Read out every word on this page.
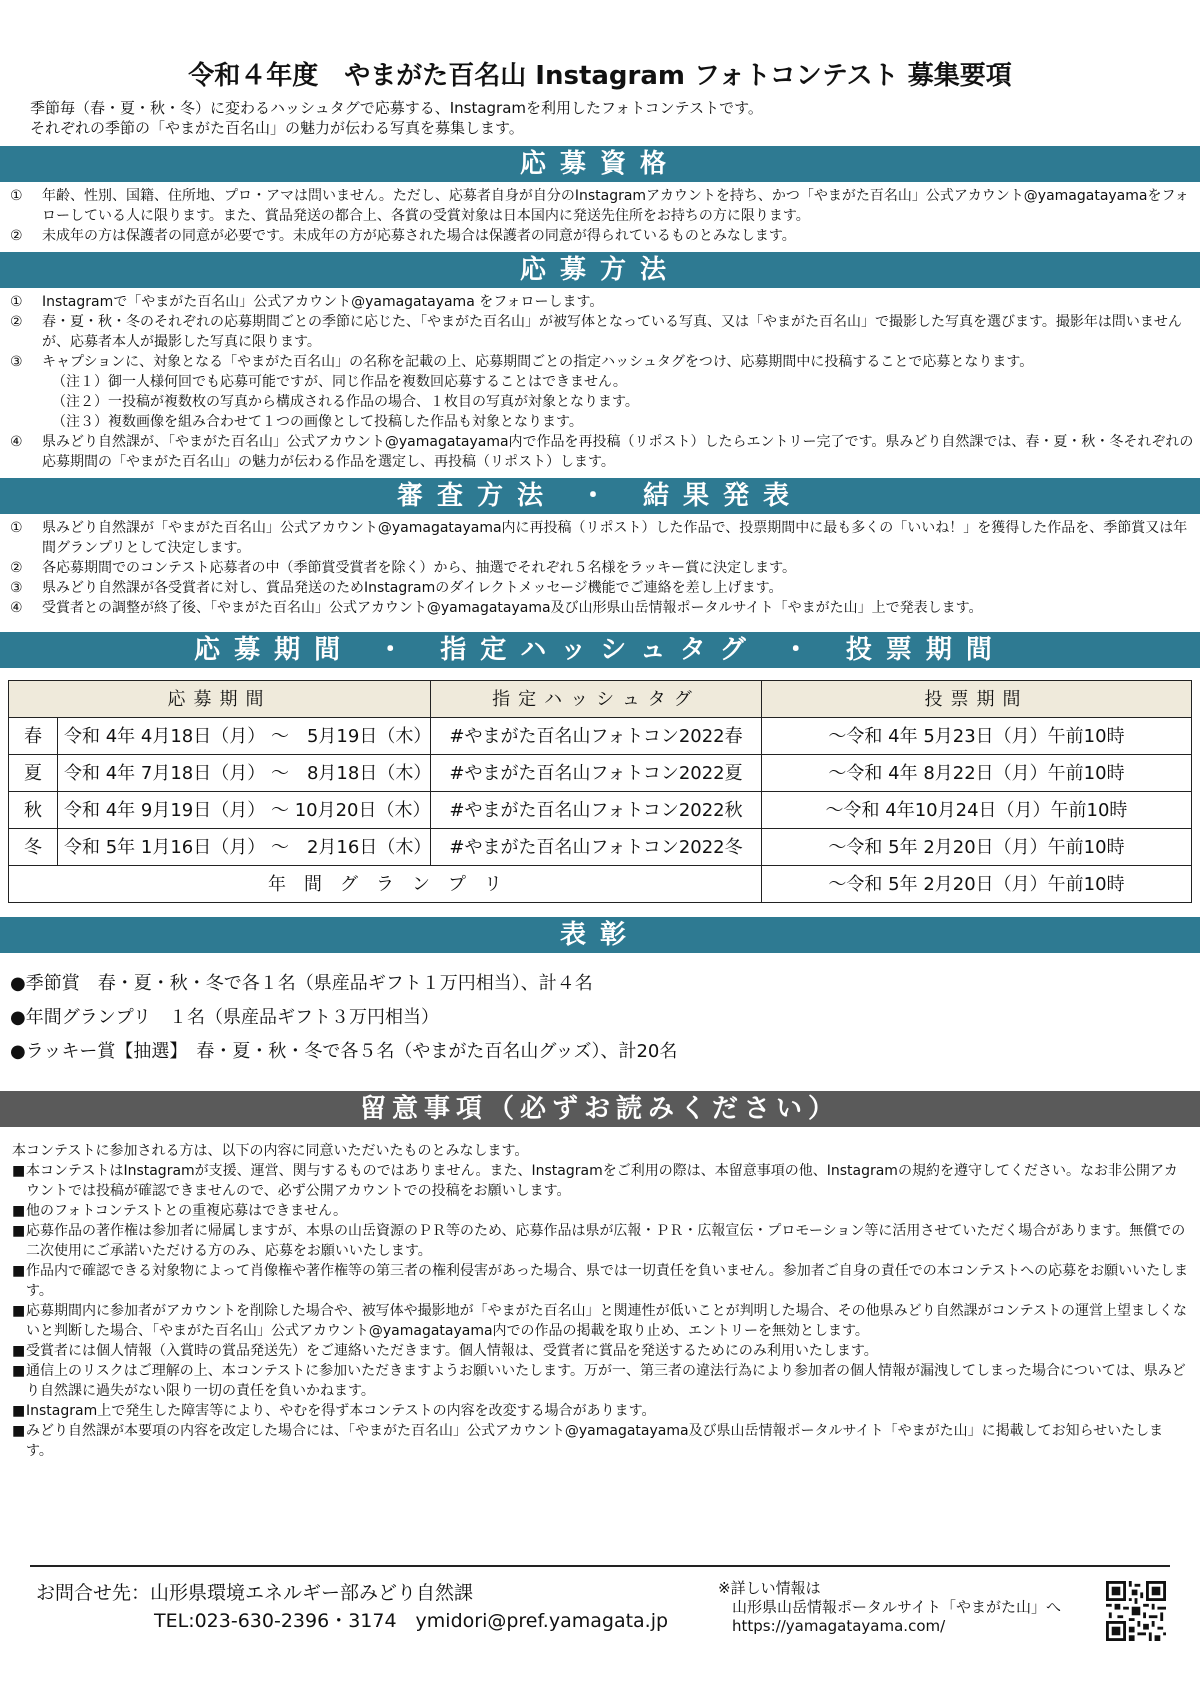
令和４年度　やまがた百名山 Instagram フォトコンテスト 募集要項
季節毎（春・夏・秋・冬）に変わるハッシュタグで応募する、Instagramを利用したフォトコンテストです。
それぞれの季節の「やまがた百名山」の魅力が伝わる写真を募集します。
応募資格
①	年齢、性別、国籍、住所地、プロ・アマは問いません。ただし、応募者自身が自分のInstagramアカウントを持ち、かつ「やまがた百名山」公式アカウント@yamagatayamaをフォローしている人に限ります。また、賞品発送の都合上、各賞の受賞対象は日本国内に発送先住所をお持ちの方に限ります。
②	未成年の方は保護者の同意が必要です。未成年の方が応募された場合は保護者の同意が得られているものとみなします。
応募方法
①	Instagramで「やまがた百名山」公式アカウント@yamagatayama をフォローします。
②	春・夏・秋・冬のそれぞれの応募期間ごとの季節に応じた、「やまがた百名山」が被写体となっている写真、又は「やまがた百名山」で撮影した写真を選びます。撮影年は問いませんが、応募者本人が撮影した写真に限ります。
③	キャプションに、対象となる「やまがた百名山」の名称を記載の上、応募期間ごとの指定ハッシュタグをつけ、応募期間中に投稿することで応募となります。
（注１）御一人様何回でも応募可能ですが、同じ作品を複数回応募することはできません。
（注２）一投稿が複数枚の写真から構成される作品の場合、１枚目の写真が対象となります。
（注３）複数画像を組み合わせて１つの画像として投稿した作品も対象となります。
④	県みどり自然課が、「やまがた百名山」公式アカウント@yamagatayama内で作品を再投稿（リポスト）したらエントリー完了です。県みどり自然課では、春・夏・秋・冬それぞれの応募期間の「やまがた百名山」の魅力が伝わる作品を選定し、再投稿（リポスト）します。
審査方法 ・ 結果発表
①	県みどり自然課が「やまがた百名山」公式アカウント@yamagatayama内に再投稿（リポスト）した作品で、投票期間中に最も多くの「いいね！」を獲得した作品を、季節賞又は年間グランプリとして決定します。
②	各応募期間でのコンテスト応募者の中（季節賞受賞者を除く）から、抽選でそれぞれ５名様をラッキー賞に決定します。
③	県みどり自然課が各受賞者に対し、賞品発送のためInstagramのダイレクトメッセージ機能でご連絡を差し上げます。
④	受賞者との調整が終了後、「やまがた百名山」公式アカウント@yamagatayama及び山形県山岳情報ポータルサイト「やまがた山」上で発表します。
応募期間 ・ 指定ハッシュタグ ・ 投票期間
応募期間		指定ハッシュタグ	投票期間
春	令和 4年 4月18日（月） ～　5月19日（木）	#やまがた百名山フォトコン2022春	～令和 4年 5月23日（月）午前10時
夏	令和 4年 7月18日（月） ～　8月18日（木）	#やまがた百名山フォトコン2022夏	～令和 4年 8月22日（月）午前10時
秋	令和 4年 9月19日（月） ～ 10月20日（木）	#やまがた百名山フォトコン2022秋	～令和 4年10月24日（月）午前10時
冬	令和 5年 1月16日（月） ～　2月16日（木）	#やまがた百名山フォトコン2022冬	～令和 5年 2月20日（月）午前10時
年　間　グ　ラ　ン　プ　リ			～令和 5年 2月20日（月）午前10時
表彰
●季節賞　春・夏・秋・冬で各１名（県産品ギフト１万円相当）、計４名
●年間グランプリ　１名（県産品ギフト３万円相当）
●ラッキー賞【抽選】　春・夏・秋・冬で各５名（やまがた百名山グッズ）、計20名
留意事項（必ずお読みください）
本コンテストに参加される方は、以下の内容に同意いただいたものとみなします。
■ 本コンテストはInstagramが支援、運営、関与するものではありません。また、Instagramをご利用の際は、本留意事項の他、Instagramの規約を遵守してください。なお非公開アカウントでは投稿が確認できませんので、必ず公開アカウントでの投稿をお願いします。
■ 他のフォトコンテストとの重複応募はできません。
■ 応募作品の著作権は参加者に帰属しますが、本県の山岳資源のＰＲ等のため、応募作品は県が広報・ＰＲ・広報宣伝・プロモーション等に活用させていただく場合があります。無償での二次使用にご承諾いただける方のみ、応募をお願いいたします。
■ 作品内で確認できる対象物によって肖像権や著作権等の第三者の権利侵害があった場合、県では一切責任を負いません。参加者ご自身の責任での本コンテストへの応募をお願いいたします。
■ 応募期間内に参加者がアカウントを削除した場合や、被写体や撮影地が「やまがた百名山」と関連性が低いことが判明した場合、その他県みどり自然課がコンテストの運営上望ましくないと判断した場合、「やまがた百名山」公式アカウント@yamagatayama内での作品の掲載を取り止め、エントリーを無効とします。
■ 受賞者には個人情報（入賞時の賞品発送先）をご連絡いただきます。個人情報は、受賞者に賞品を発送するためにのみ利用いたします。
■ 通信上のリスクはご理解の上、本コンテストに参加いただきますようお願いいたします。万が一、第三者の違法行為により参加者の個人情報が漏洩してしまった場合については、県みどり自然課に過失がない限り一切の責任を負いかねます。
■ Instagram上で発生した障害等により、やむを得ず本コンテストの内容を改変する場合があります。
■ みどり自然課が本要項の内容を改定した場合には、「やまがた百名山」公式アカウント@yamagatayama及び県山岳情報ポータルサイト「やまがた山」に掲載してお知らせいたします。
お問合せ先：山形県環境エネルギー部みどり自然課
TEL:023-630-2396・3174　ymidori@pref.yamagata.jp
※詳しい情報は
山形県山岳情報ポータルサイト「やまがた山」へ
https://yamagatayama.com/
